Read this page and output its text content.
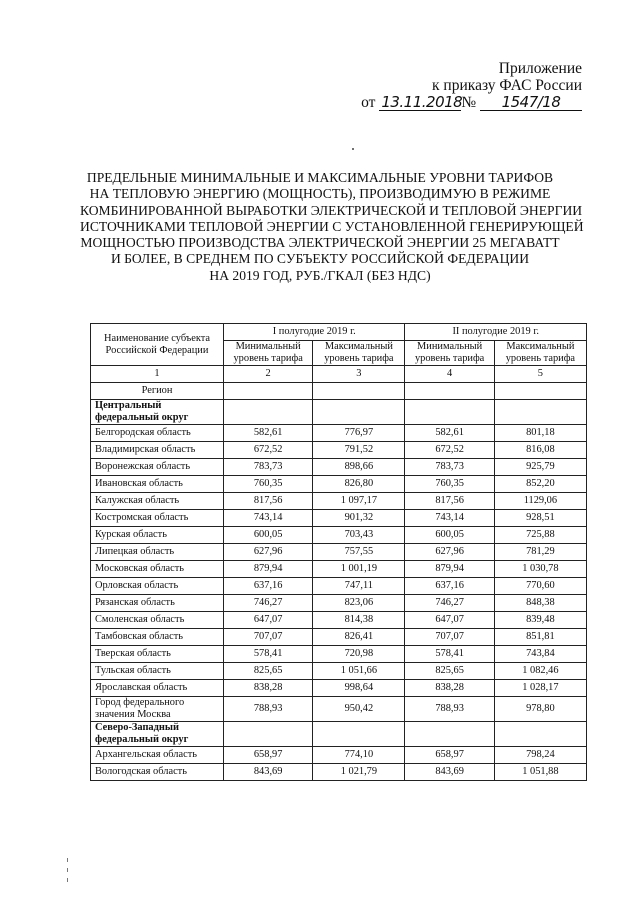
Приложение
к приказу ФАС России
от 13.11.2018№ 1547/18
ПРЕДЕЛЬНЫЕ МИНИМАЛЬНЫЕ И МАКСИМАЛЬНЫЕ УРОВНИ ТАРИФОВ
НА ТЕПЛОВУЮ ЭНЕРГИЮ (МОЩНОСТЬ), ПРОИЗВОДИМУЮ В РЕЖИМЕ
КОМБИНИРОВАННОЙ ВЫРАБОТКИ ЭЛЕКТРИЧЕСКОЙ И ТЕПЛОВОЙ ЭНЕРГИИ
ИСТОЧНИКАМИ ТЕПЛОВОЙ ЭНЕРГИИ С УСТАНОВЛЕННОЙ ГЕНЕРИРУЮЩЕЙ
МОЩНОСТЬЮ ПРОИЗВОДСТВА ЭЛЕКТРИЧЕСКОЙ ЭНЕРГИИ 25 МЕГАВАТТ
И БОЛЕЕ, В СРЕДНЕМ ПО СУБЪЕКТУ РОССИЙСКОЙ ФЕДЕРАЦИИ
НА 2019 ГОД, РУБ./ГКАЛ (БЕЗ НДС)
Наименование субъекта Российской Федерации	I полугодие 2019 г.		II полугодие 2019 г.	
	Минимальный уровень тарифа	Максимальный уровень тарифа	Минимальный уровень тарифа	Максимальный уровень тарифа
1	2	3	4	5
Регион				
Центральный федеральный округ				
Белгородская область	582,61	776,97	582,61	801,18
Владимирская область	672,52	791,52	672,52	816,08
Воронежская область	783,73	898,66	783,73	925,79
Ивановская область	760,35	826,80	760,35	852,20
Калужская область	817,56	1 097,17	817,56	1129,06
Костромская область	743,14	901,32	743,14	928,51
Курская область	600,05	703,43	600,05	725,88
Липецкая область	627,96	757,55	627,96	781,29
Московская область	879,94	1 001,19	879,94	1 030,78
Орловская область	637,16	747,11	637,16	770,60
Рязанская область	746,27	823,06	746,27	848,38
Смоленская область	647,07	814,38	647,07	839,48
Тамбовская область	707,07	826,41	707,07	851,81
Тверская область	578,41	720,98	578,41	743,84
Тульская область	825,65	1 051,66	825,65	1 082,46
Ярославская область	838,28	998,64	838,28	1 028,17
Город федерального значения Москва	788,93	950,42	788,93	978,80
Северо-Западный федеральный округ				
Архангельская область	658,97	774,10	658,97	798,24
Вологодская область	843,69	1 021,79	843,69	1 051,88
